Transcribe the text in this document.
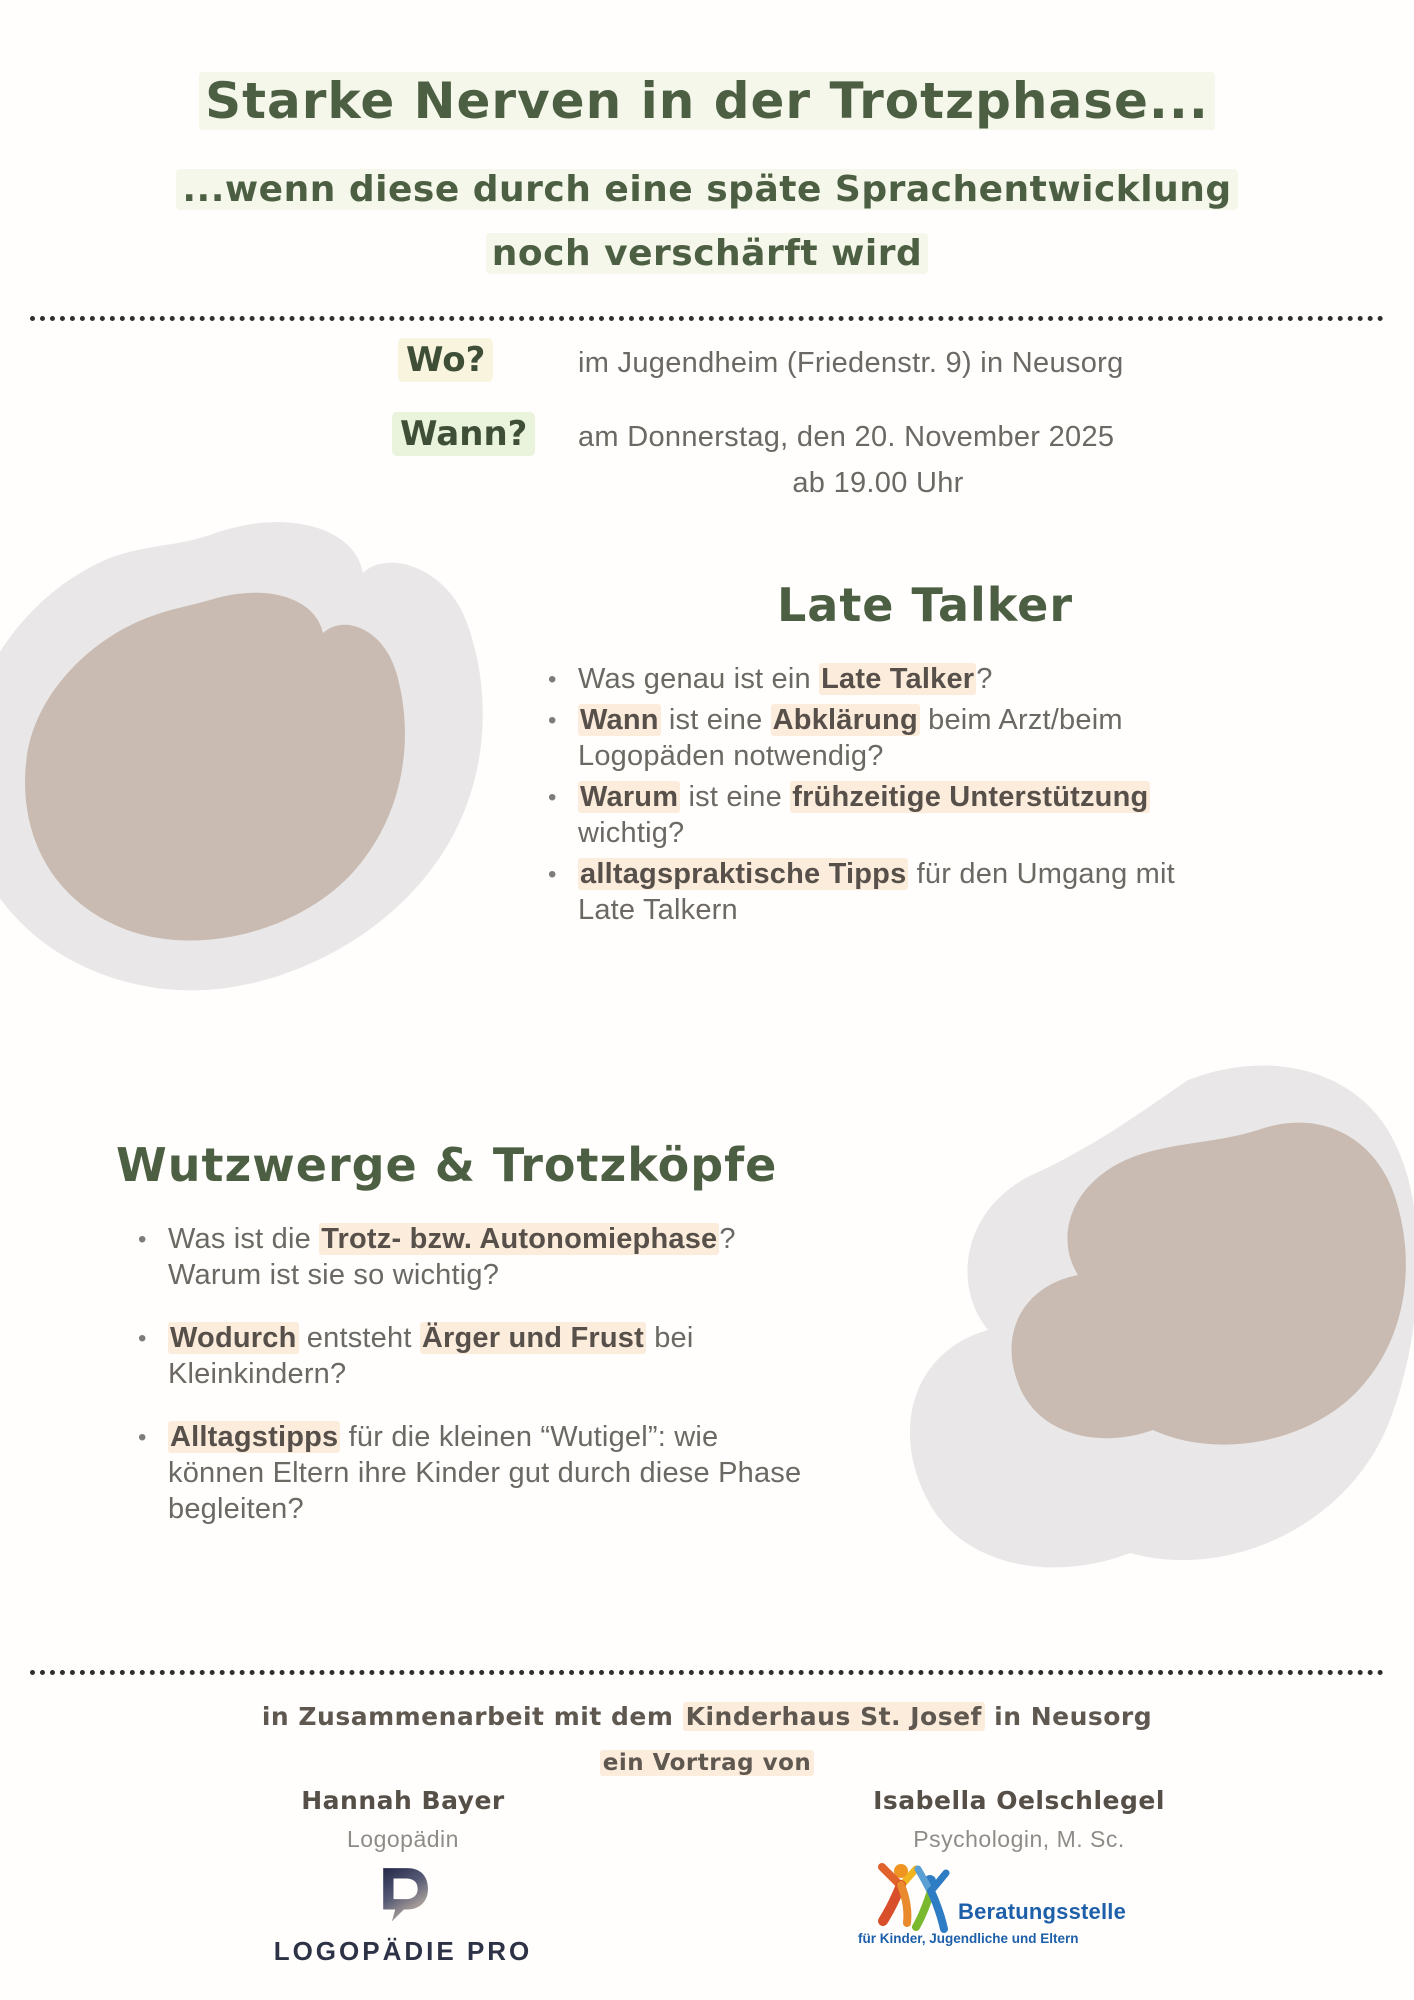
Starke Nerven in der Trotzphase...
...wenn diese durch eine späte Sprachentwicklung
noch verschärft wird
Wo?	im Jugendheim (Friedenstr. 9) in Neusorg
Wann? am Donnerstag, den 20. November 2025
ab 19.00 Uhr
Late Talker
• Was genau ist ein Late Talker?
• Wann ist eine Abklärung beim Arzt/beim Logopäden notwendig?
• Warum ist eine frühzeitige Unterstützung wichtig?
• alltagspraktische Tipps für den Umgang mit Late Talkern
Wutzwerge & Trotzköpfe
• Was ist die Trotz- bzw. Autonomiephase? Warum ist sie so wichtig?
• Wodurch entsteht Ärger und Frust bei Kleinkindern?
• Alltagstipps für die kleinen “Wutigel”: wie können Eltern ihre Kinder gut durch diese Phase begleiten?
in Zusammenarbeit mit dem Kinderhaus St. Josef in Neusorg
ein Vortrag von
Hannah Bayer
Logopädin
LOGOPÄDIE PRO
Isabella Oelschlegel
Psychologin, M. Sc.
Beratungsstelle
für Kinder, Jugendliche und Eltern
